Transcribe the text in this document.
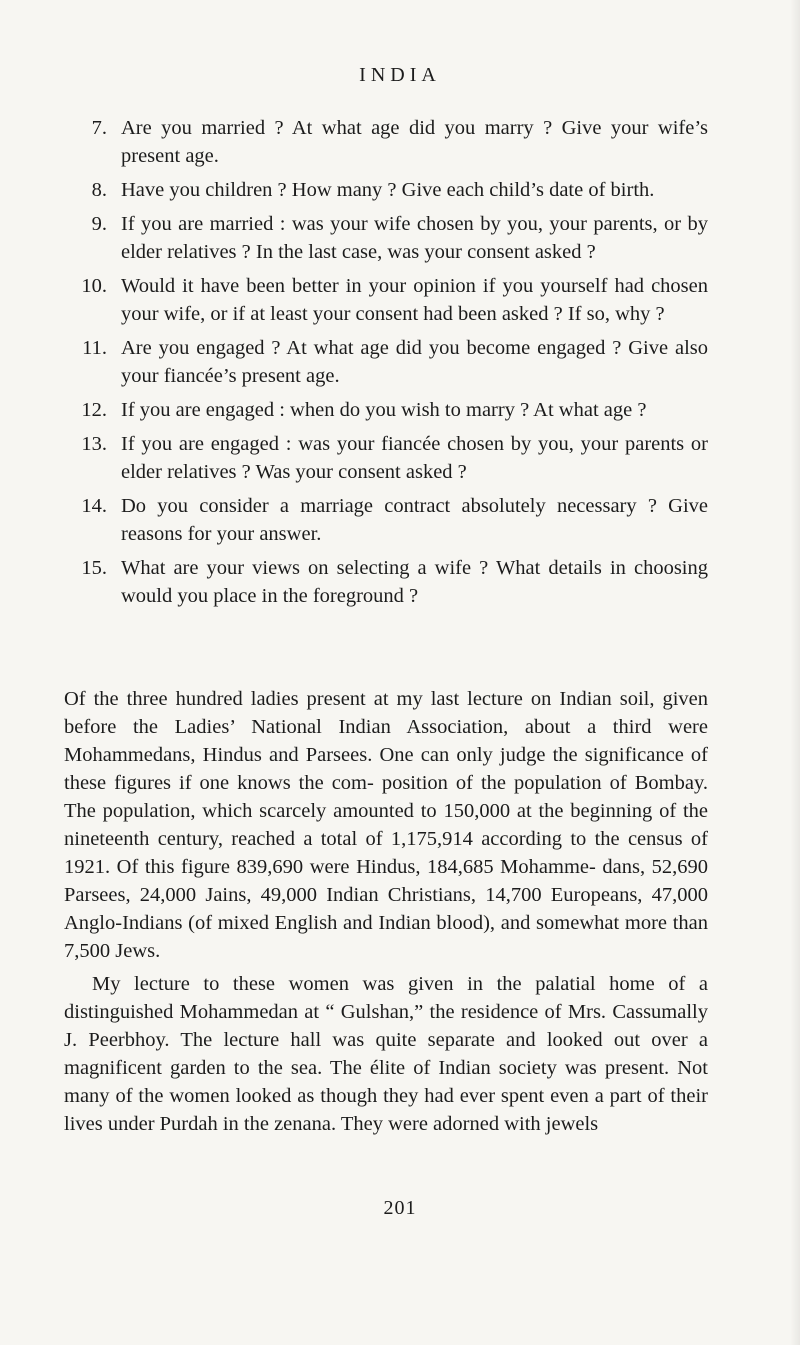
INDIA
7. Are you married ? At what age did you marry ? Give your wife’s present age.
8. Have you children ? How many ? Give each child’s date of birth.
9. If you are married : was your wife chosen by you, your parents, or by elder relatives ? In the last case, was your consent asked ?
10. Would it have been better in your opinion if you yourself had chosen your wife, or if at least your consent had been asked ? If so, why ?
11. Are you engaged ? At what age did you become engaged ? Give also your fiancée’s present age.
12. If you are engaged : when do you wish to marry ? At what age ?
13. If you are engaged : was your fiancée chosen by you, your parents or elder relatives ? Was your consent asked ?
14. Do you consider a marriage contract absolutely necessary ? Give reasons for your answer.
15. What are your views on selecting a wife ? What details in choosing would you place in the foreground ?

Of the three hundred ladies present at my last lecture on Indian soil, given before the Ladies’ National Indian Association, about a third were Mohammedans, Hindus and Parsees. One can only judge the significance of these figures if one knows the com- position of the population of Bombay. The population, which scarcely amounted to 150,000 at the beginning of the nineteenth century, reached a total of 1,175,914 according to the census of 1921. Of this figure 839,690 were Hindus, 184,685 Mohamme- dans, 52,690 Parsees, 24,000 Jains, 49,000 Indian Christians, 14,700 Europeans, 47,000 Anglo-Indians (of mixed English and Indian blood), and somewhat more than 7,500 Jews.

My lecture to these women was given in the palatial home of a distinguished Mohammedan at “ Gulshan,” the residence of Mrs. Cassumally J. Peerbhoy. The lecture hall was quite separate and looked out over a magnificent garden to the sea. The élite of Indian society was present. Not many of the women looked as though they had ever spent even a part of their lives under Purdah in the zenana. They were adorned with jewels

201
